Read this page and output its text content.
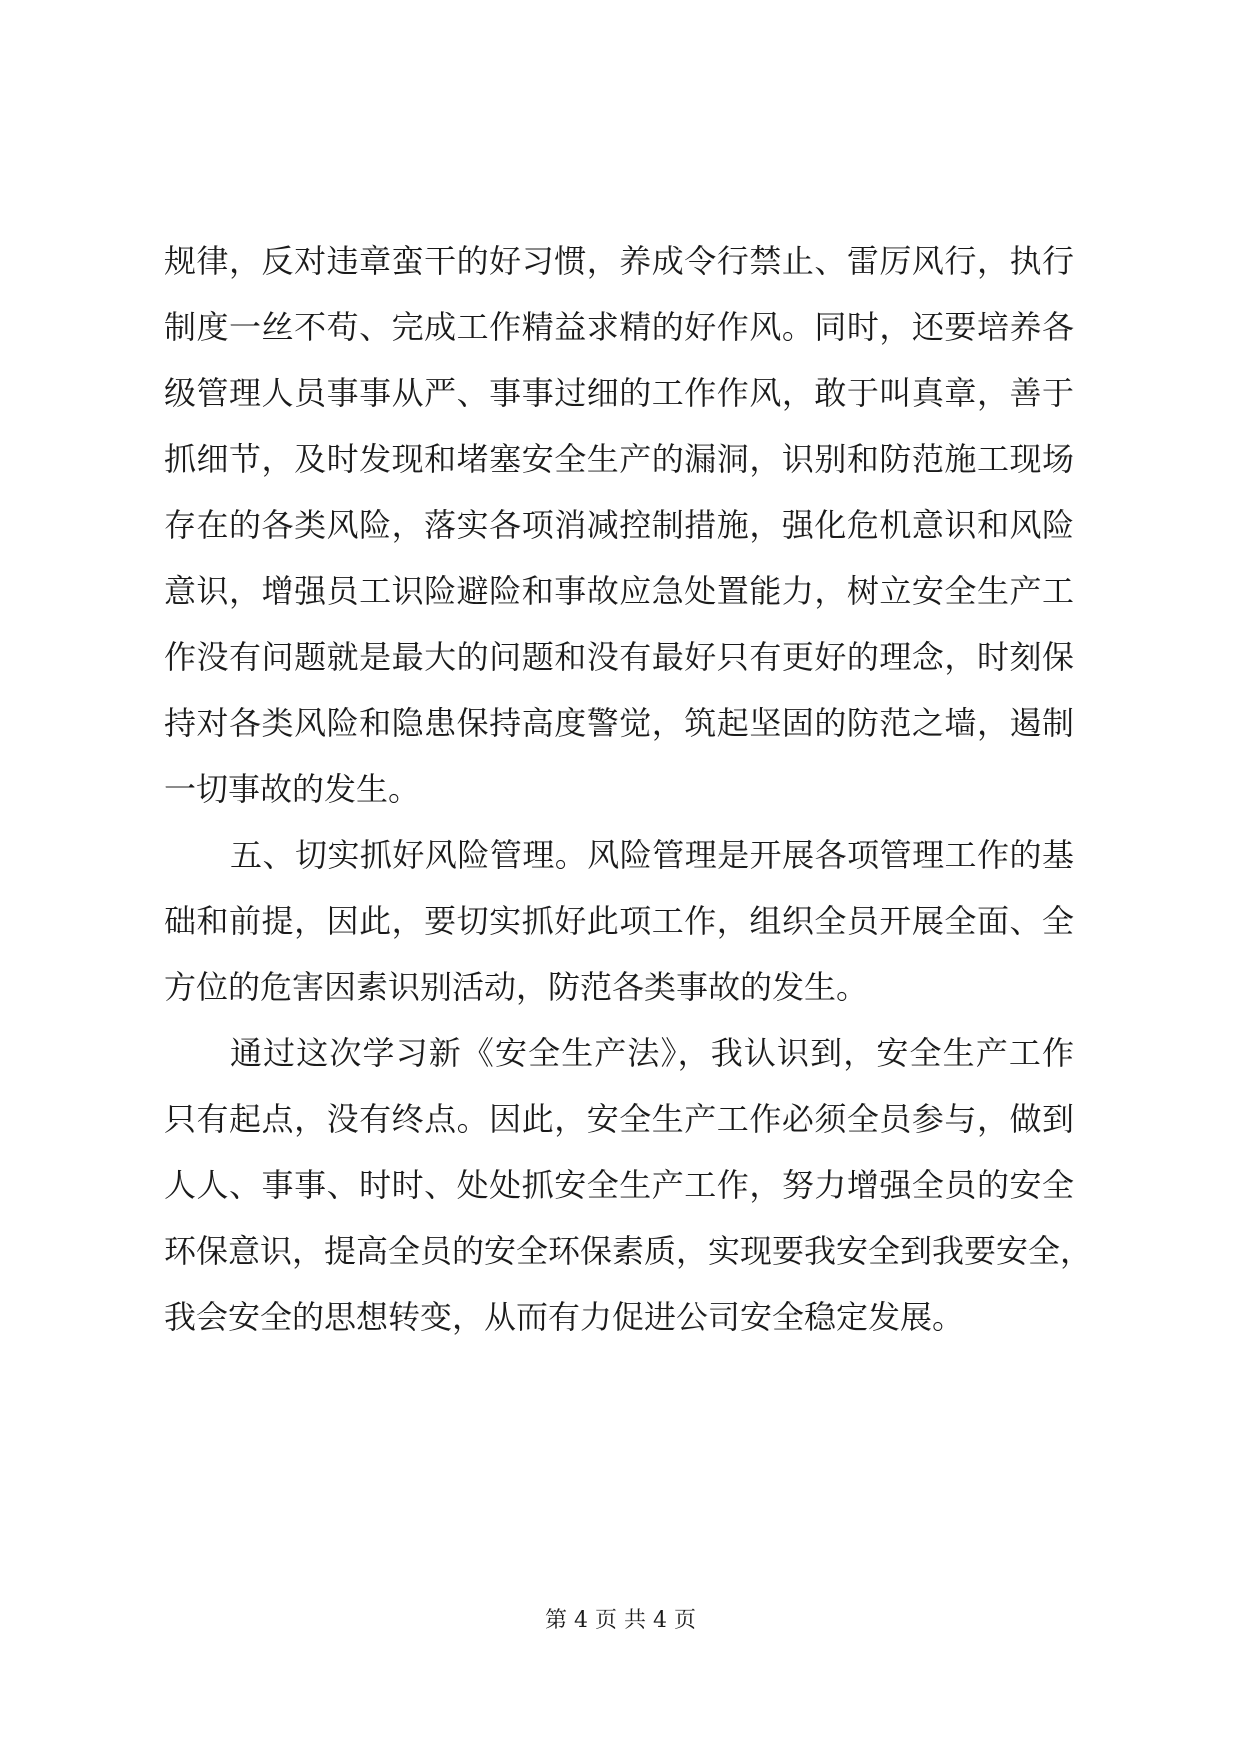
规律，反对违章蛮干的好习惯，养成令行禁止、雷厉风行，执行
制度一丝不苟、完成工作精益求精的好作风。同时，还要培养各
级管理人员事事从严、事事过细的工作作风，敢于叫真章，善于
抓细节，及时发现和堵塞安全生产的漏洞，识别和防范施工现场
存在的各类风险，落实各项消减控制措施，强化危机意识和风险
意识，增强员工识险避险和事故应急处置能力，树立安全生产工
作没有问题就是最大的问题和没有最好只有更好的理念，时刻保
持对各类风险和隐患保持高度警觉，筑起坚固的防范之墙，遏制
一切事故的发生。
五、切实抓好风险管理。风险管理是开展各项管理工作的基
础和前提，因此，要切实抓好此项工作，组织全员开展全面、全
方位的危害因素识别活动，防范各类事故的发生。
通过这次学习新《安全生产法》，我认识到，安全生产工作
只有起点，没有终点。因此，安全生产工作必须全员参与，做到
人人、事事、时时、处处抓安全生产工作，努力增强全员的安全
环保意识，提高全员的安全环保素质，实现要我安全到我要安全，
我会安全的思想转变，从而有力促进公司安全稳定发展。
第 4 页 共 4 页
